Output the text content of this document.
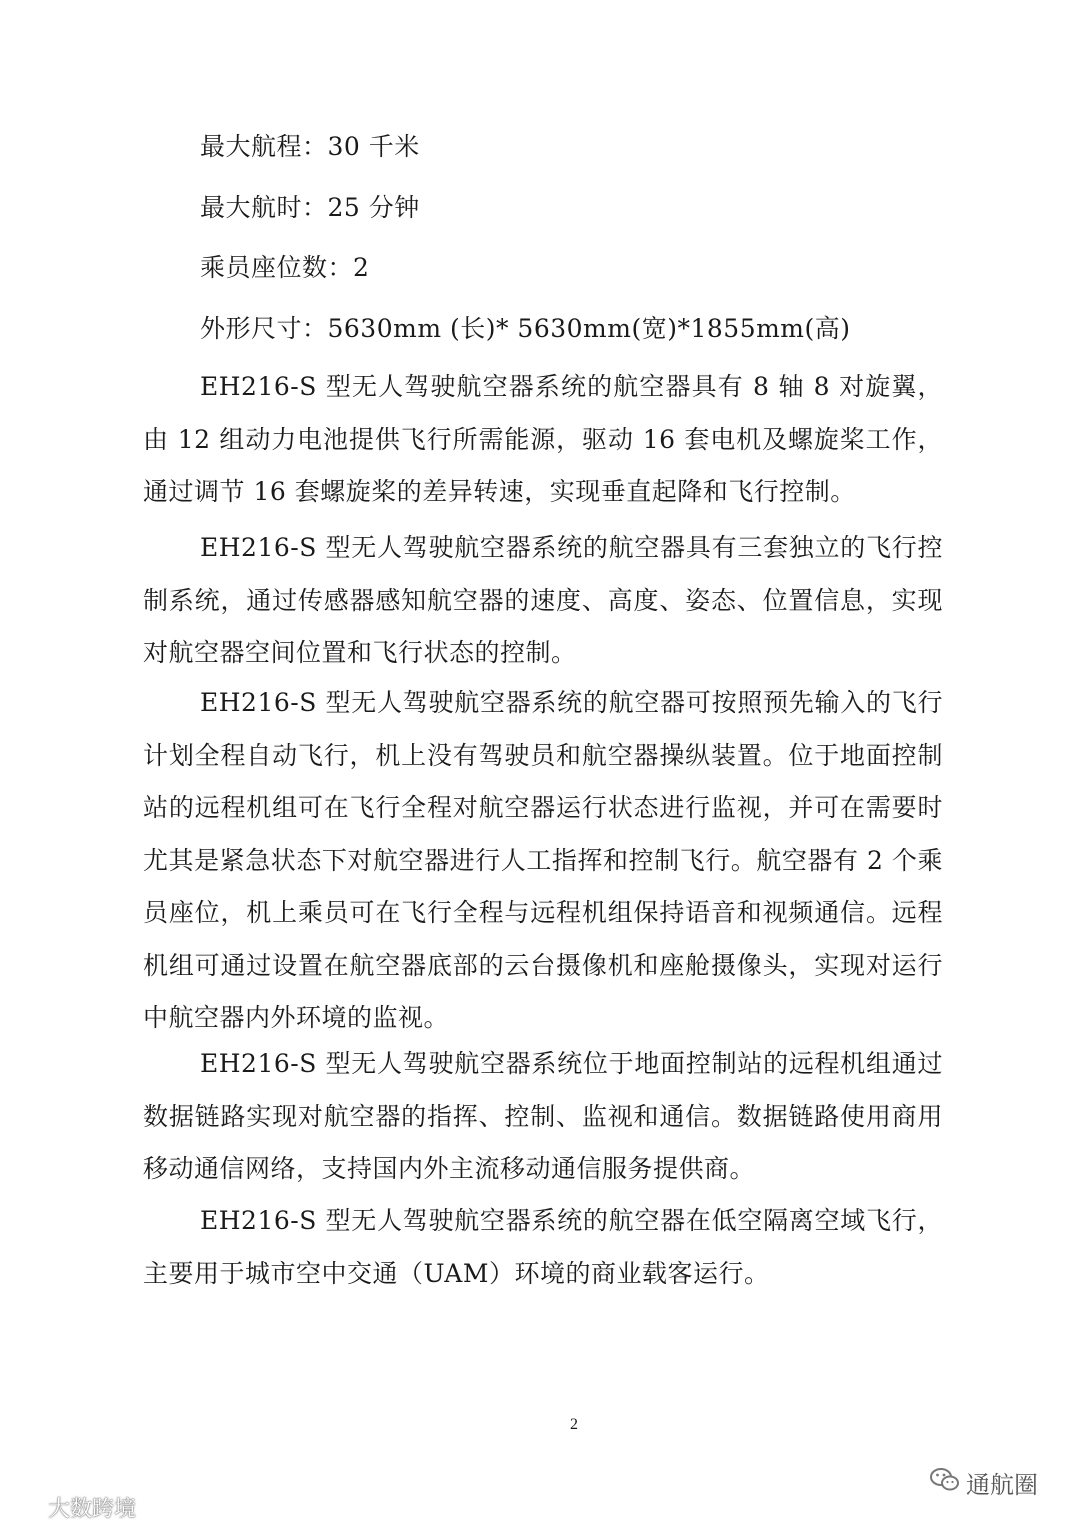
最大航程：30 千米
最大航时：25 分钟
乘员座位数：2
外形尺寸：5630mm (长)* 5630mm(宽)*1855mm(高)

EH216-S 型无人驾驶航空器系统的航空器具有 8 轴 8 对旋翼，由 12 组动力电池提供飞行所需能源，驱动 16 套电机及螺旋桨工作，通过调节 16 套螺旋桨的差异转速，实现垂直起降和飞行控制。

EH216-S 型无人驾驶航空器系统的航空器具有三套独立的飞行控制系统，通过传感器感知航空器的速度、高度、姿态、位置信息，实现对航空器空间位置和飞行状态的控制。

EH216-S 型无人驾驶航空器系统的航空器可按照预先输入的飞行计划全程自动飞行，机上没有驾驶员和航空器操纵装置。位于地面控制站的远程机组可在飞行全程对航空器运行状态进行监视，并可在需要时尤其是紧急状态下对航空器进行人工指挥和控制飞行。航空器有 2 个乘员座位，机上乘员可在飞行全程与远程机组保持语音和视频通信。远程机组可通过设置在航空器底部的云台摄像机和座舱摄像头，实现对运行中航空器内外环境的监视。

EH216-S 型无人驾驶航空器系统位于地面控制站的远程机组通过数据链路实现对航空器的指挥、控制、监视和通信。数据链路使用商用移动通信网络，支持国内外主流移动通信服务提供商。

EH216-S 型无人驾驶航空器系统的航空器在低空隔离空域飞行，主要用于城市空中交通（UAM）环境的商业载客运行。

2
通航圈
大数跨境
